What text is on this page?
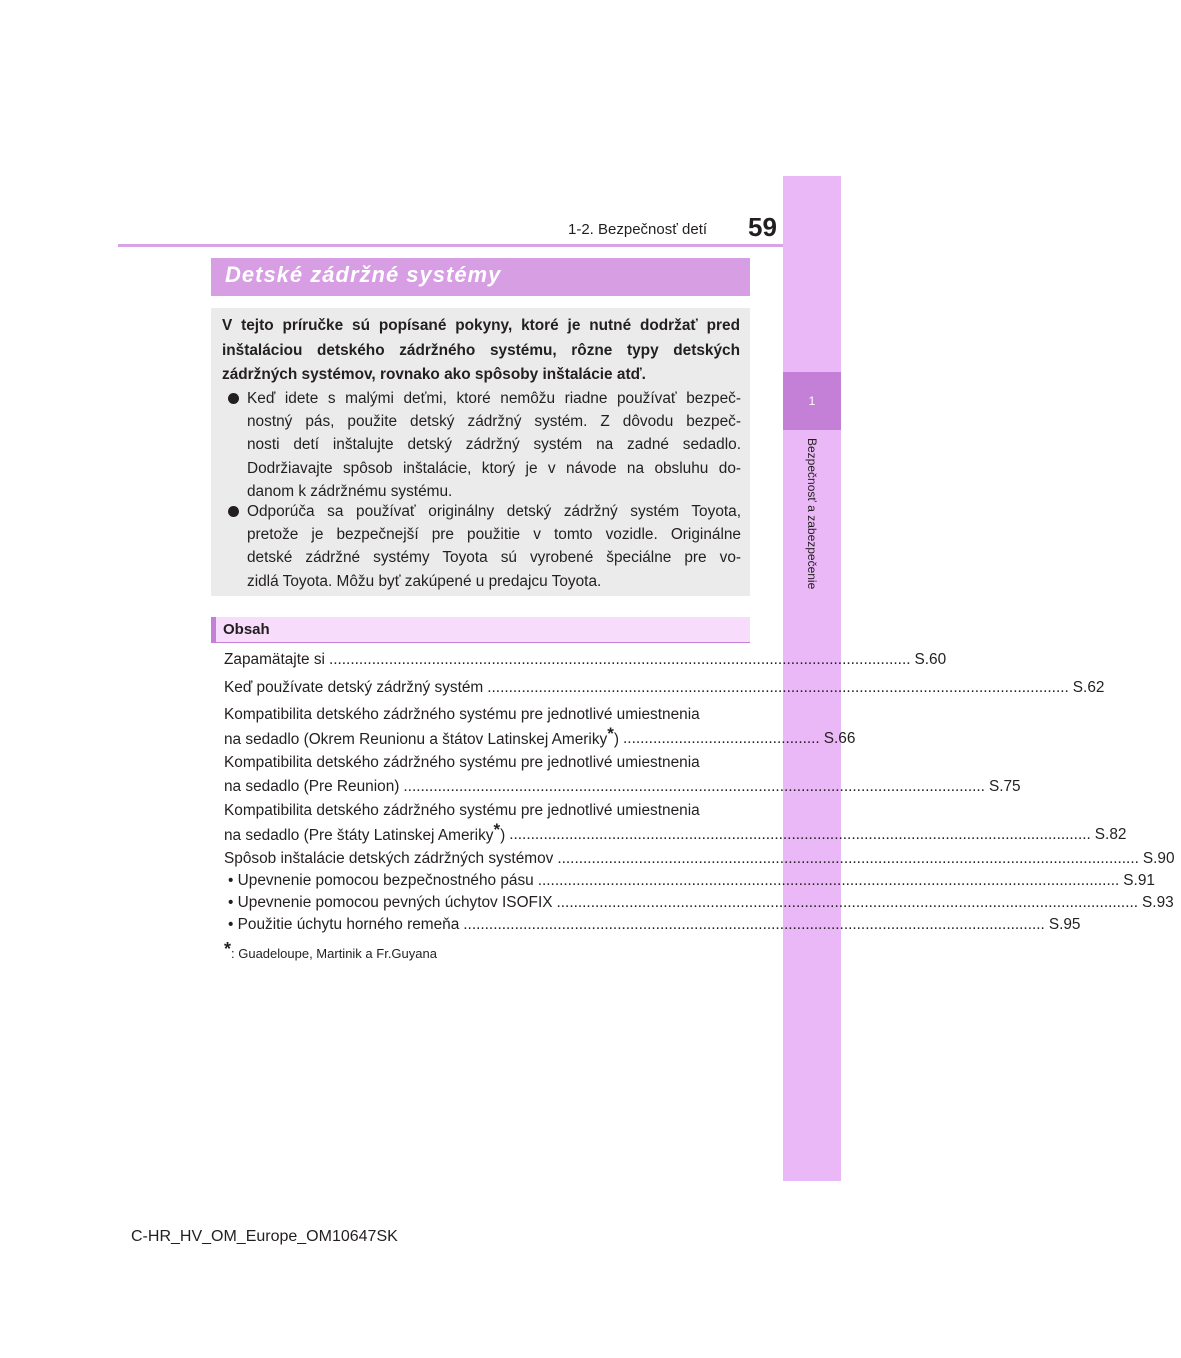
1-2. Bezpečnosť detí 59
1
Bezpečnosť a zabezpečenie
Detské zádržné systémy
V tejto príručke sú popísané pokyny, ktoré je nutné dodržať pred
inštaláciou detského zádržného systému, rôzne typy detských
zádržných systémov, rovnako ako spôsoby inštalácie atď.
Keď idete s malými deťmi, ktoré nemôžu riadne používať bezpeč-
nostný pás, použite detský zádržný systém. Z dôvodu bezpeč-
nosti detí inštalujte detský zádržný systém na zadné sedadlo.
Dodržiavajte spôsob inštalácie, ktorý je v návode na obsluhu do-
danom k zádržnému systému.
Odporúča sa používať originálny detský zádržný systém Toyota,
pretože je bezpečnejší pre použitie v tomto vozidle. Originálne
detské zádržné systémy Toyota sú vyrobené špeciálne pre vo-
zidlá Toyota. Môžu byť zakúpené u predajcu Toyota.
Obsah
Zapamätajte si ........................................................................................................................................ S.60
Keď používate detský zádržný systém ........................................................................................................................................ S.62
Kompatibilita detského zádržného systému pre jednotlivé umiestnenia
na sedadlo (Okrem Reunionu a štátov Latinskej Ameriky*) .............................................. S.66
Kompatibilita detského zádržného systému pre jednotlivé umiestnenia
na sedadlo (Pre Reunion) ........................................................................................................................................ S.75
Kompatibilita detského zádržného systému pre jednotlivé umiestnenia
na sedadlo (Pre štáty Latinskej Ameriky*) ........................................................................................................................................ S.82
Spôsob inštalácie detských zádržných systémov ........................................................................................................................................ S.90
• Upevnenie pomocou bezpečnostného pásu ........................................................................................................................................ S.91
• Upevnenie pomocou pevných úchytov ISOFIX ........................................................................................................................................ S.93
• Použitie úchytu horného remeňa ........................................................................................................................................ S.95
*: Guadeloupe, Martinik a Fr.Guyana
C-HR_HV_OM_Europe_OM10647SK
